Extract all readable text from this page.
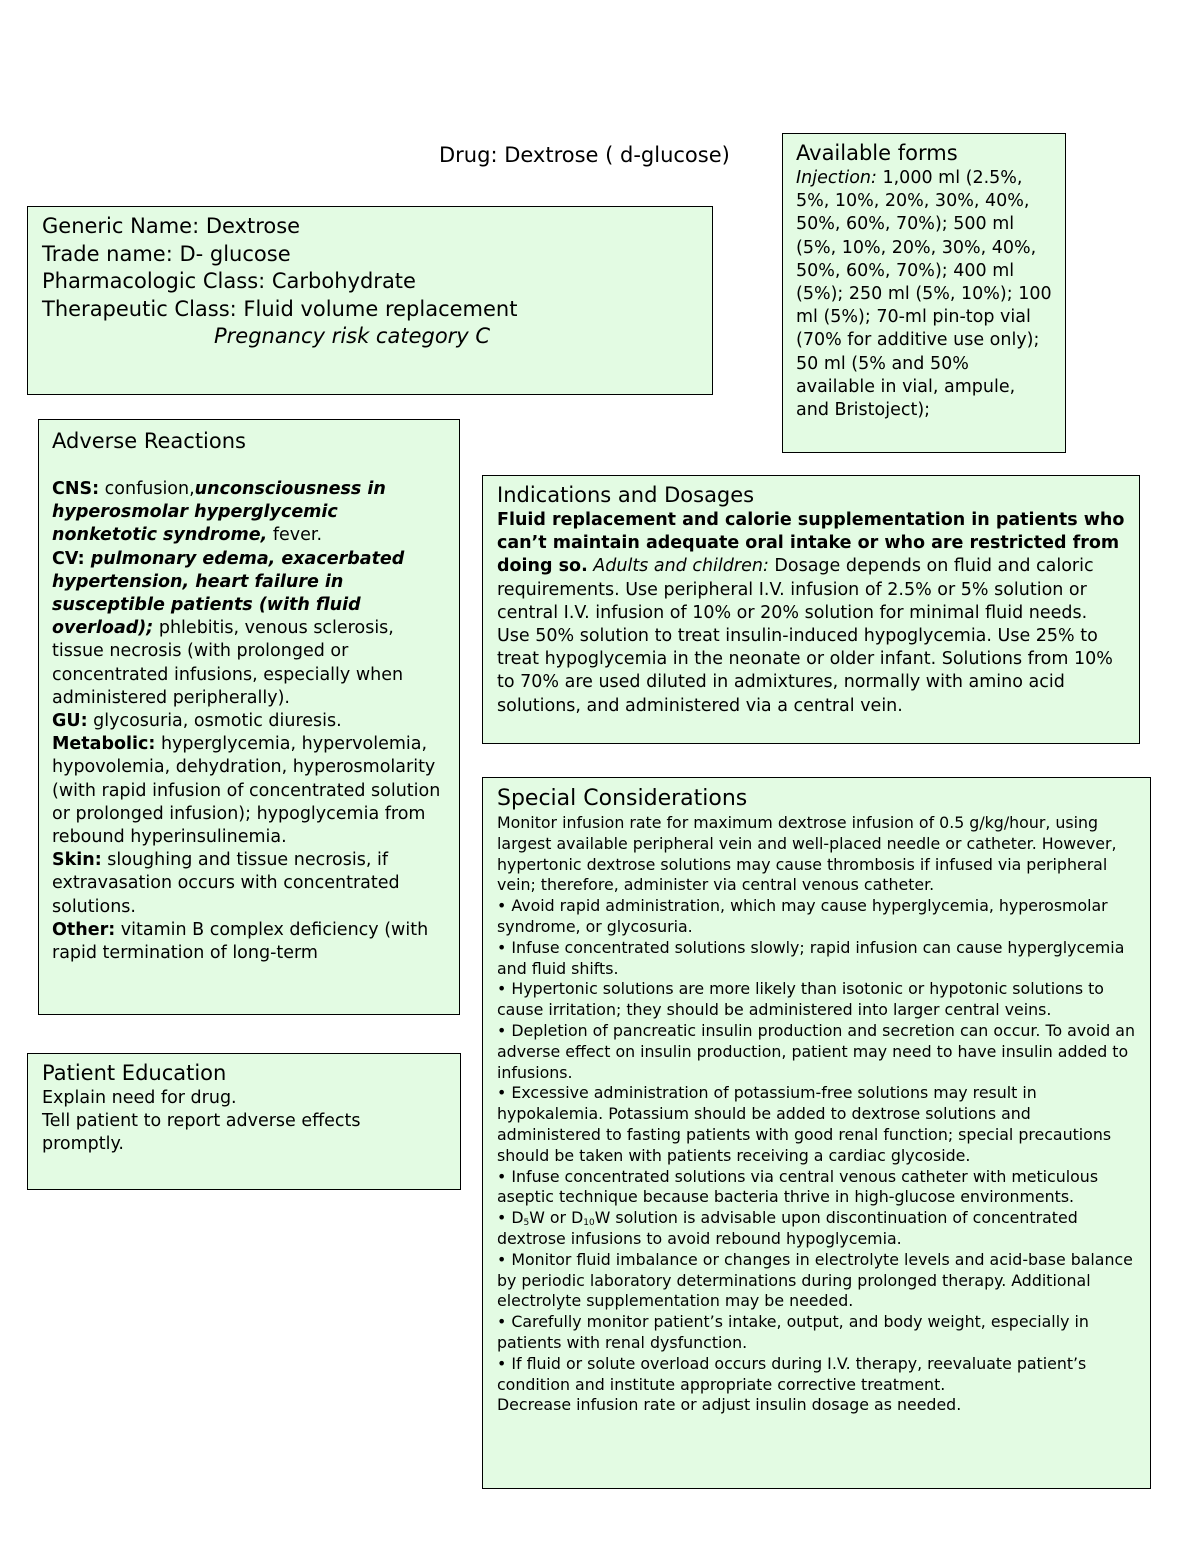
Drug: Dextrose ( d-glucose)
Generic Name: Dextrose
Trade name: D- glucose
Pharmacologic Class: Carbohydrate
Therapeutic Class: Fluid volume replacement
Pregnancy risk category C
Available forms
Injection: 1,000 ml (2.5%, 5%, 10%, 20%, 30%, 40%, 50%, 60%, 70%); 500 ml (5%, 10%, 20%, 30%, 40%, 50%, 60%, 70%); 400 ml (5%); 250 ml (5%, 10%); 100 ml (5%); 70-ml pin-top vial (70% for additive use only); 50 ml (5% and 50% available in vial, ampule, and Bristoject);
Adverse Reactions

CNS: confusion,unconsciousness in hyperosmolar hyperglycemic nonketotic syndrome, fever.

CV: pulmonary edema, exacerbated hypertension, heart failure in susceptible patients (with fluid overload); phlebitis, venous sclerosis, tissue necrosis (with prolonged or concentrated infusions, especially when administered peripherally).

GU: glycosuria, osmotic diuresis.

Metabolic: hyperglycemia, hypervolemia, hypovolemia, dehydration, hyperosmolarity (with rapid infusion of concentrated solution or prolonged infusion); hypoglycemia from rebound hyperinsulinemia.

Skin: sloughing and tissue necrosis, if extravasation occurs with concentrated solutions.

Other: vitamin B complex deficiency (with rapid termination of long-term

Indications and Dosages
Fluid replacement and calorie supplementation in patients who can’t maintain adequate oral intake or who are restricted from doing so. Adults and children: Dosage depends on fluid and caloric requirements. Use peripheral I.V. infusion of 2.5% or 5% solution or central I.V. infusion of 10% or 20% solution for minimal fluid needs. Use 50% solution to treat insulin-induced hypoglycemia. Use 25% to treat hypoglycemia in the neonate or older infant. Solutions from 10% to 70% are used diluted in admixtures, normally with amino acid solutions, and administered via a central vein.
Patient Education

Explain need for drug.

Tell patient to report adverse effects promptly.

Special Considerations

Monitor infusion rate for maximum dextrose infusion of 0.5 g/kg/hour, using largest available peripheral vein and well-placed needle or catheter. However, hypertonic dextrose solutions may cause thrombosis if infused via peripheral vein; therefore, administer via central venous catheter.

• Avoid rapid administration, which may cause hyperglycemia, hyperosmolar syndrome, or glycosuria.

• Infuse concentrated solutions slowly; rapid infusion can cause hyperglycemia and fluid shifts.

• Hypertonic solutions are more likely than isotonic or hypotonic solutions to cause irritation; they should be administered into larger central veins.

• Depletion of pancreatic insulin production and secretion can occur. To avoid an adverse effect on insulin production, patient may need to have insulin added to infusions.

• Excessive administration of potassium-free solutions may result in hypokalemia. Potassium should be added to dextrose solutions and administered to fasting patients with good renal function; special precautions should be taken with patients receiving a cardiac glycoside.

• Infuse concentrated solutions via central venous catheter with meticulous aseptic technique because bacteria thrive in high-glucose environments.

• $D_5W$ or $D_{10}W$ solution is advisable upon discontinuation of concentrated dextrose infusions to avoid rebound hypoglycemia.

• Monitor fluid imbalance or changes in electrolyte levels and acid-base balance by periodic laboratory determinations during prolonged therapy. Additional electrolyte supplementation may be needed.

• Carefully monitor patient’s intake, output, and body weight, especially in patients with renal dysfunction.

• If fluid or solute overload occurs during I.V. therapy, reevaluate patient’s condition and institute appropriate corrective treatment.

Decrease infusion rate or adjust insulin dosage as needed.
